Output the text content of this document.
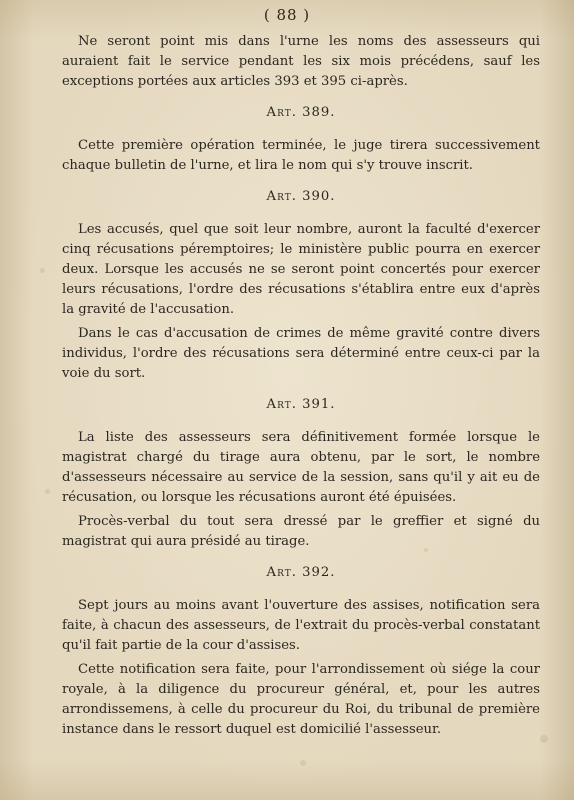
( 88 )

Ne seront point mis dans l'urne les noms des assesseurs qui auraient fait le service pendant les six mois précédens, sauf les exceptions portées aux articles 393 et 395 ci-après.

Art. 389.

Cette première opération terminée, le juge tirera successivement chaque bulletin de l'urne, et lira le nom qui s'y trouve inscrit.

Art. 390.

Les accusés, quel que soit leur nombre, auront la faculté d'exercer cinq récusations péremptoires; le ministère public pourra en exercer deux. Lorsque les accusés ne se seront point concertés pour exercer leurs récusations, l'ordre des récusations s'établira entre eux d'après la gravité de l'accusation.

Dans le cas d'accusation de crimes de même gravité contre divers individus, l'ordre des récusations sera déterminé entre ceux-ci par la voie du sort.

Art. 391.

La liste des assesseurs sera définitivement formée lorsque le magistrat chargé du tirage aura obtenu, par le sort, le nombre d'assesseurs nécessaire au service de la session, sans qu'il y ait eu de récusation, ou lorsque les récusations auront été épuisées.

Procès-verbal du tout sera dressé par le greffier et signé du magistrat qui aura présidé au tirage.

Art. 392.

Sept jours au moins avant l'ouverture des assises, notification sera faite, à chacun des assesseurs, de l'extrait du procès-verbal constatant qu'il fait partie de la cour d'assises.

Cette notification sera faite, pour l'arrondissement où siége la cour royale, à la diligence du procureur général, et, pour les autres arrondissemens, à celle du procureur du Roi, du tribunal de première instance dans le ressort duquel est domicilié l'assesseur.
